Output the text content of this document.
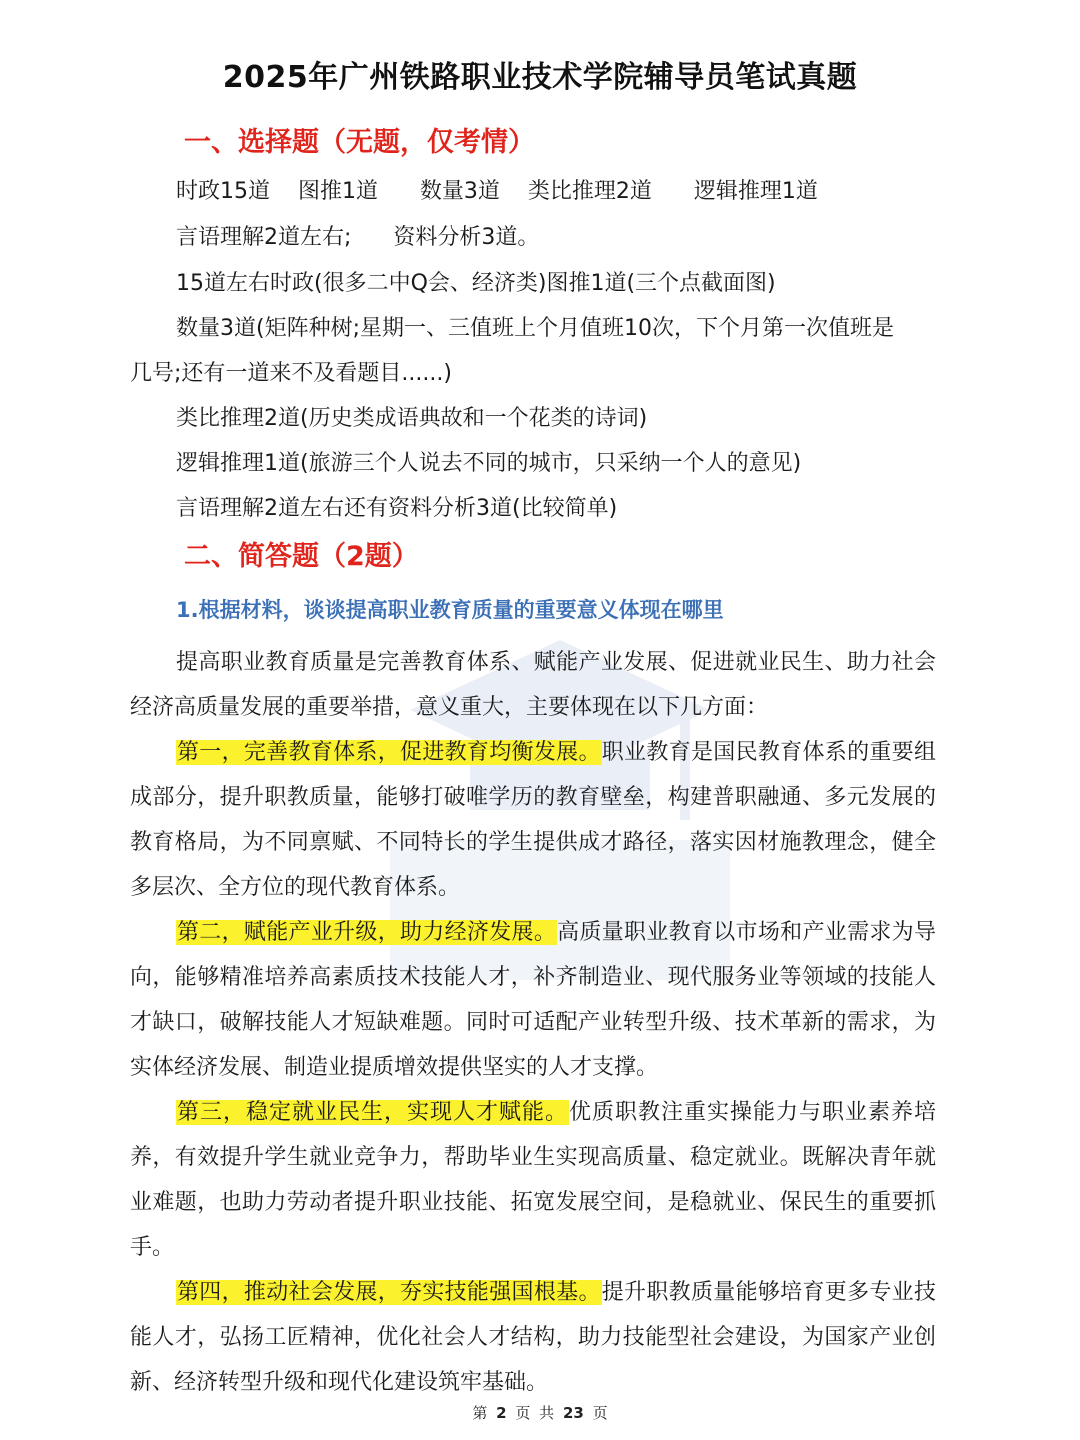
2025年广州铁路职业技术学院辅导员笔试真题
一、选择题（无题，仅考情）
时政15道    图推1道      数量3道    类比推理2道      逻辑推理1道
言语理解2道左右;      资料分析3道。
15道左右时政(很多二中Q会、经济类)图推1道(三个点截面图)
数量3道(矩阵种树;星期一、三值班上个月值班10次，下个月第一次值班是
几号;还有一道来不及看题目......)
类比推理2道(历史类成语典故和一个花类的诗词)
逻辑推理1道(旅游三个人说去不同的城市，只采纳一个人的意见)
言语理解2道左右还有资料分析3道(比较简单)
二、简答题（2题）
1.根据材料，谈谈提高职业教育质量的重要意义体现在哪里
提高职业教育质量是完善教育体系、赋能产业发展、促进就业民生、助力社会经济高质量发展的重要举措，意义重大，主要体现在以下几方面：
第一，完善教育体系，促进教育均衡发展。职业教育是国民教育体系的重要组成部分，提升职教质量，能够打破唯学历的教育壁垒，构建普职融通、多元发展的教育格局，为不同禀赋、不同特长的学生提供成才路径，落实因材施教理念，健全多层次、全方位的现代教育体系。
第二，赋能产业升级，助力经济发展。高质量职业教育以市场和产业需求为导向，能够精准培养高素质技术技能人才，补齐制造业、现代服务业等领域的技能人才缺口，破解技能人才短缺难题。同时可适配产业转型升级、技术革新的需求，为实体经济发展、制造业提质增效提供坚实的人才支撑。
第三，稳定就业民生，实现人才赋能。优质职教注重实操能力与职业素养培养，有效提升学生就业竞争力，帮助毕业生实现高质量、稳定就业。既解决青年就业难题，也助力劳动者提升职业技能、拓宽发展空间，是稳就业、保民生的重要抓手。
第四，推动社会发展，夯实技能强国根基。提升职教质量能够培育更多专业技能人才，弘扬工匠精神，优化社会人才结构，助力技能型社会建设，为国家产业创新、经济转型升级和现代化建设筑牢基础。
第 2 页 共 23 页
